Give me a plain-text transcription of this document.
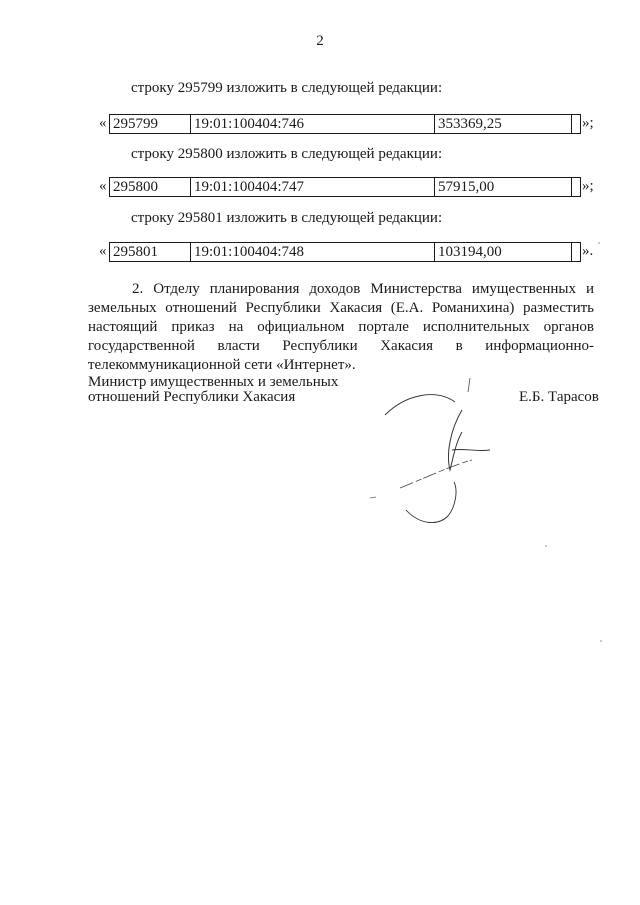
2
строку 295799 изложить в следующей редакции:
« 295799	19:01:100404:746	353369,25	»;
строку 295800 изложить в следующей редакции:
« 295800	19:01:100404:747	57915,00	»;
строку 295801 изложить в следующей редакции:
« 295801	19:01:100404:748	103194,00	».
2. Отделу планирования доходов Министерства имущественных и земельных отношений Республики Хакасия (Е.А. Романихина) разместить настоящий приказ на официальном портале исполнительных органов государственной власти Республики Хакасия в информационно-телекоммуникационной сети «Интернет».
Министр имущественных и земельных
отношений Республики Хакасия	Е.Б. Тарасов
